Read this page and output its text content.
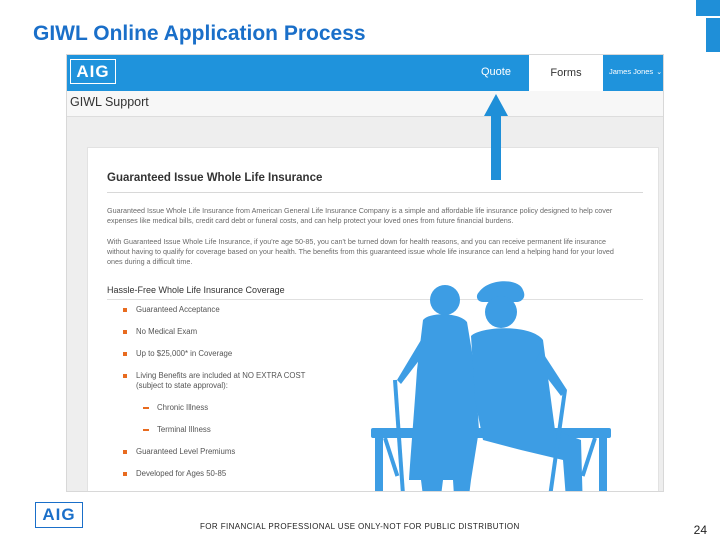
GIWL Online Application Process
AIG	Quote	Forms	James Jones ⌄
GIWL Support
Guaranteed Issue Whole Life Insurance
Guaranteed Issue Whole Life Insurance from American General Life Insurance Company is a simple and affordable life insurance policy designed to help cover expenses like medical bills, credit card debt or funeral costs, and can help protect your loved ones from future financial burdens.
With Guaranteed Issue Whole Life Insurance, if you're age 50-85, you can't be turned down for health reasons, and you can receive permanent life insurance without having to qualify for coverage based on your health. The benefits from this guaranteed issue whole life insurance can lend a helping hand for your loved ones during a difficult time.
Hassle-Free Whole Life Insurance Coverage
Guaranteed Acceptance
No Medical Exam
Up to $25,000* in Coverage
Living Benefits are included at NO EXTRA COST (subject to state approval):
Chronic Illness
Terminal Illness
Guaranteed Level Premiums
Developed for Ages 50-85
AIG
FOR FINANCIAL PROFESSIONAL USE ONLY-NOT FOR PUBLIC DISTRIBUTION	24
